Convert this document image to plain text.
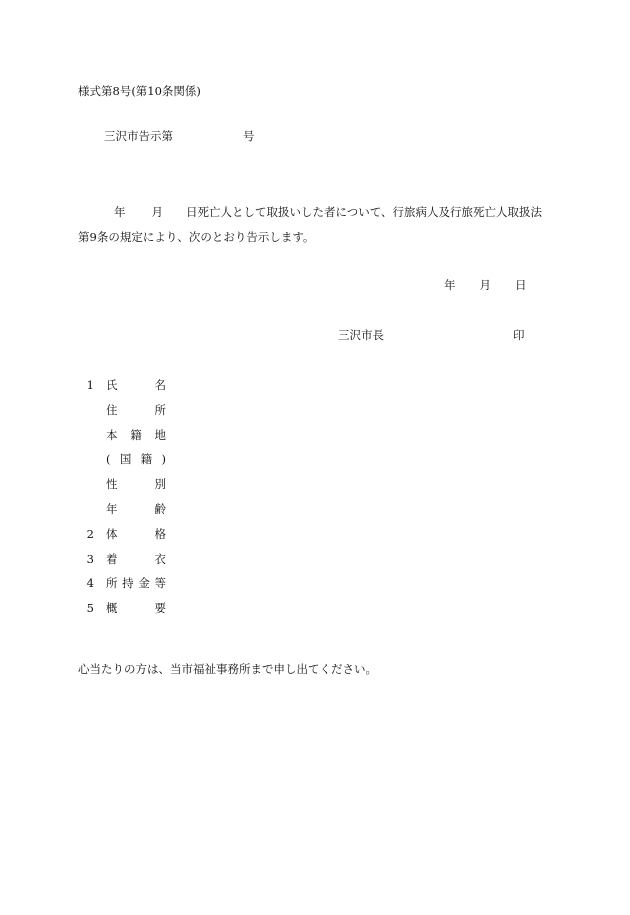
様式第8号(第10条関係)
三沢市告示第	号
年 月 日死亡人として取扱いした者について、行旅病人及行旅死亡人取扱法
第9条の規定により、次のとおり告示します。
年 月 日
三沢市長	印
1 氏	名
住	所
本 籍 地
( 国 籍 )
性	別
年	齢
2 体	格
3 着	衣
4 所 持 金 等
5 概	要
心当たりの方は、当市福祉事務所まで申し出てください。
